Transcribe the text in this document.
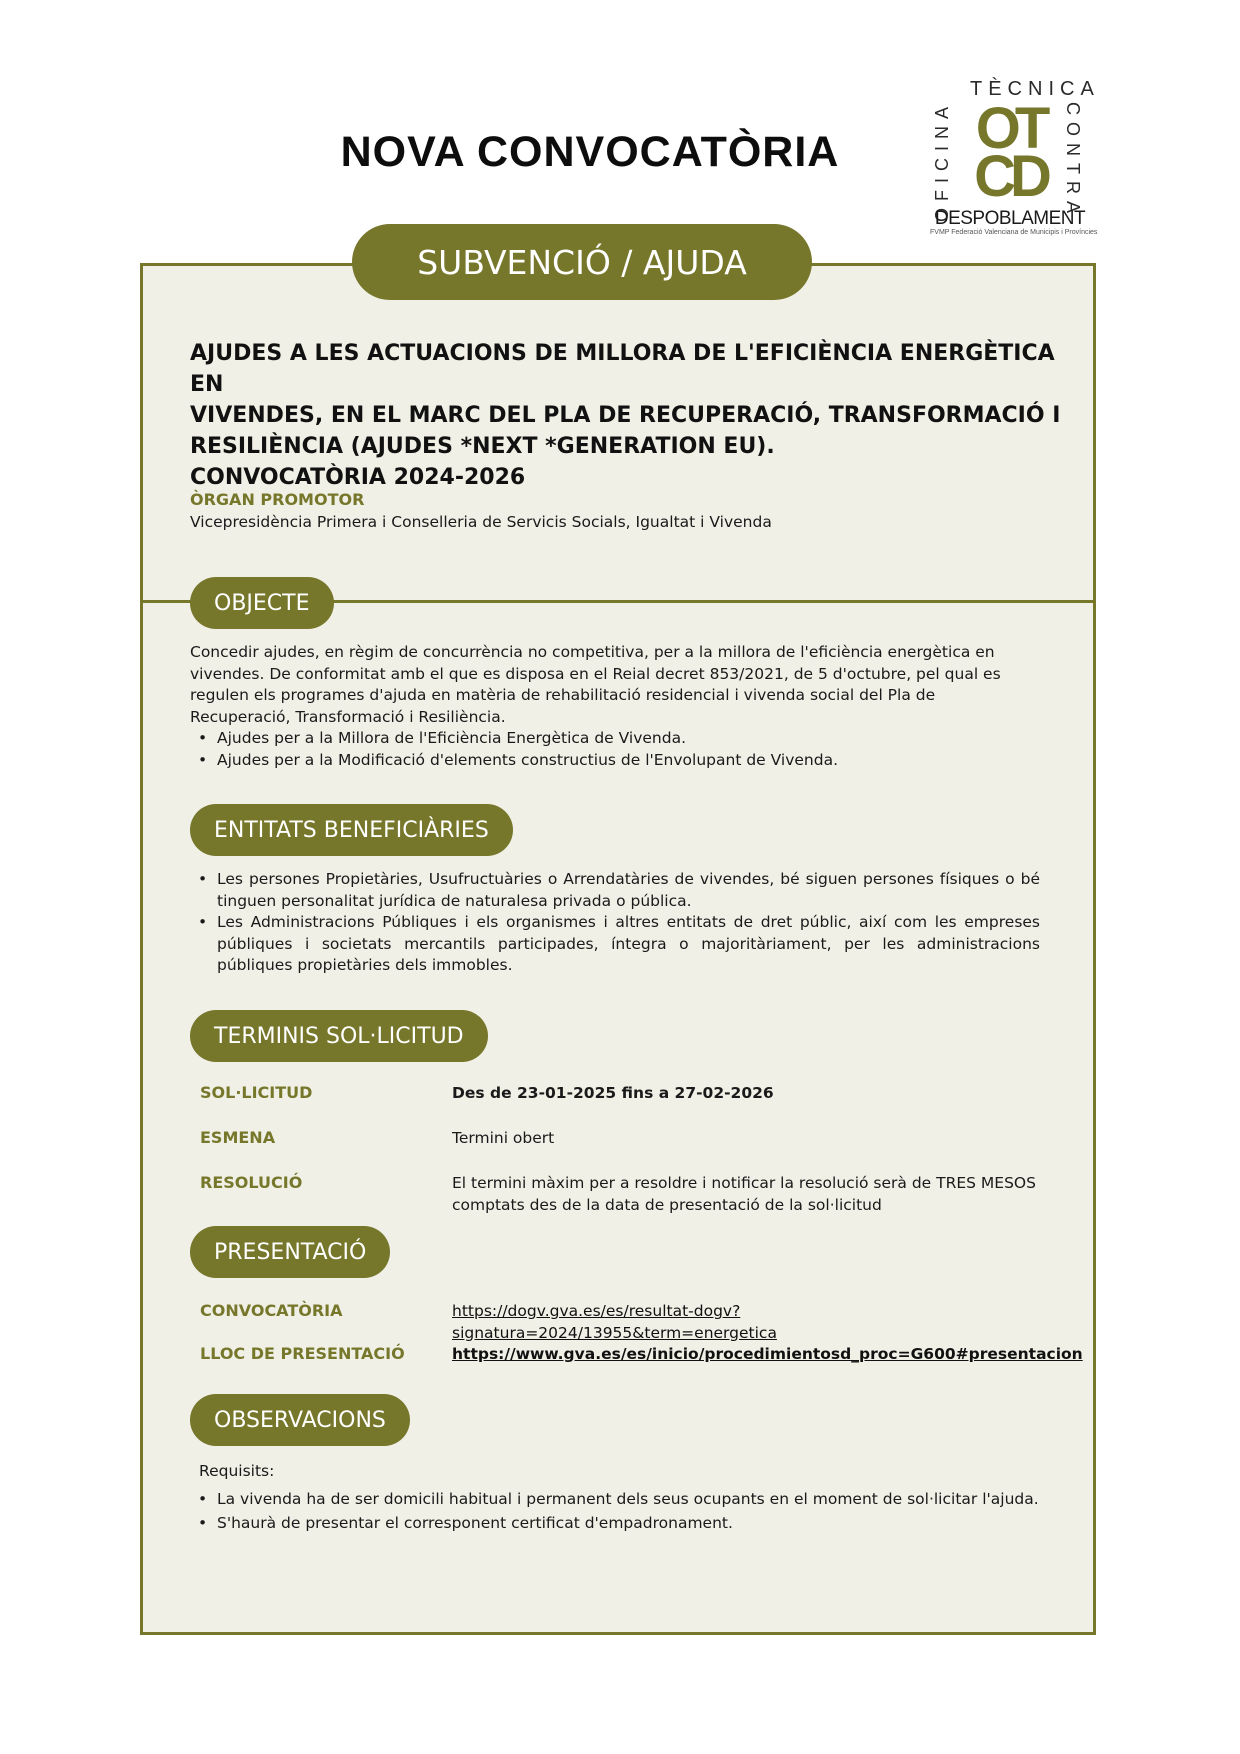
NOVA CONVOCATÒRIA
TÈCNICA
OFICINA	CONTRA
OT
CD
DESPOBLAMENT
FVMP Federació Valenciana de Municipis i Províncies
SUBVENCIÓ / AJUDA
AJUDES A LES ACTUACIONS DE MILLORA DE L'EFICIÈNCIA ENERGÈTICA EN
VIVENDES, EN EL MARC DEL PLA DE RECUPERACIÓ, TRANSFORMACIÓ I
RESILIÈNCIA (AJUDES *NEXT *GENERATION EU).
CONVOCATÒRIA 2024-2026
ÒRGAN PROMOTOR
Vicepresidència Primera i Conselleria de Servicis Socials, Igualtat i Vivenda
OBJECTE
Concedir ajudes, en règim de concurrència no competitiva, per a la millora de l'eficiència energètica en vivendes. De conformitat amb el que es disposa en el Reial decret 853/2021, de 5 d'octubre, pel qual es regulen els programes d'ajuda en matèria de rehabilitació residencial i vivenda social del Pla de Recuperació, Transformació i Resiliència.
• Ajudes per a la Millora de l'Eficiència Energètica de Vivenda.
• Ajudes per a la Modificació d'elements constructius de l'Envolupant de Vivenda.
ENTITATS BENEFICIÀRIES
• Les persones Propietàries, Usufructuàries o Arrendatàries de vivendes, bé siguen persones físiques o bé tinguen personalitat jurídica de naturalesa privada o pública.
• Les Administracions Públiques i els organismes i altres entitats de dret públic, així com les empreses públiques i societats mercantils participades, íntegra o majoritàriament, per les administracions públiques propietàries dels immobles.
TERMINIS SOL·LICITUD
SOL·LICITUD	Des de 23-01-2025 fins a 27-02-2026
ESMENA	Termini obert
RESOLUCIÓ	El termini màxim per a resoldre i notificar la resolució serà de TRES MESOS comptats des de la data de presentació de la sol·licitud
PRESENTACIÓ
CONVOCATÒRIA	https://dogv.gva.es/es/resultat-dogv?signatura=2024/13955&term=energetica
LLOC DE PRESENTACIÓ	https://www.gva.es/es/inicio/procedimientosd_proc=G600#presentacion
OBSERVACIONS
Requisits:
• La vivenda ha de ser domicili habitual i permanent dels seus ocupants en el moment de sol·licitar l'ajuda.
• S'haurà de presentar el corresponent certificat d'empadronament.
